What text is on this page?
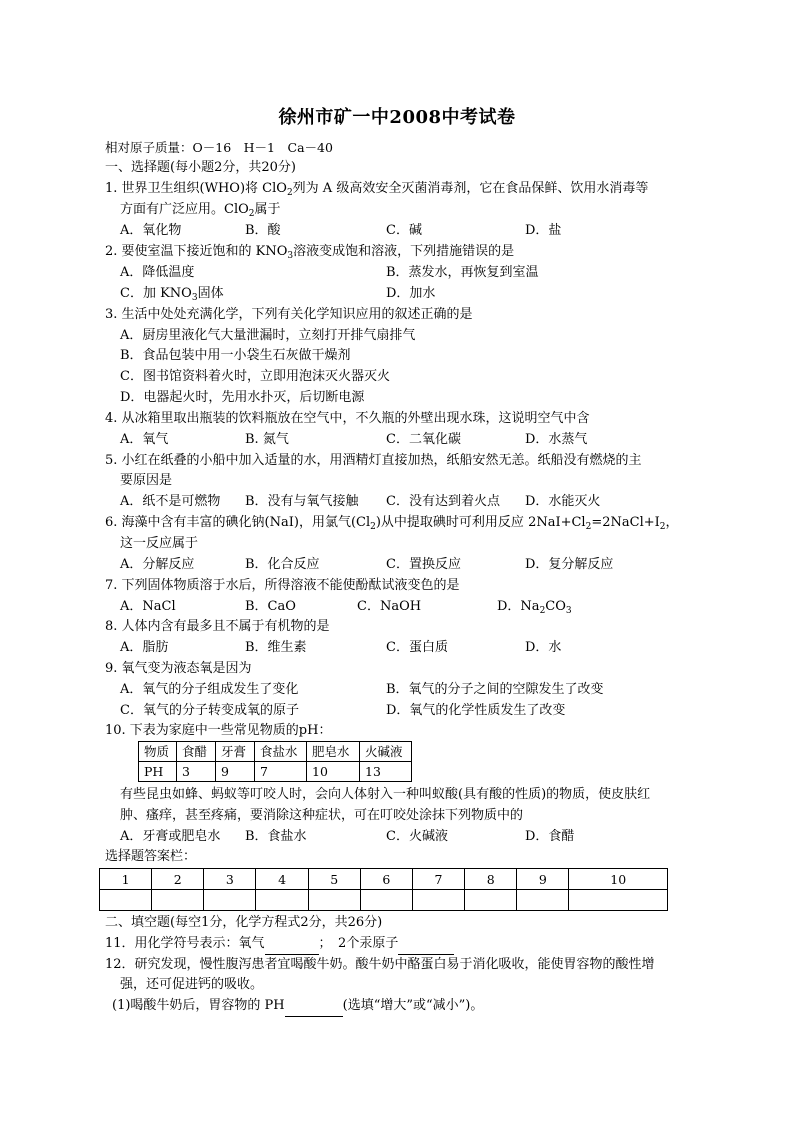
徐州市矿一中2008中考试卷
相对原子质量：O－16　H－1　Ca－40
一、选择题(每小题2分，共20分)
1. 世界卫生组织(WHO)将 ClO$_2$列为 A 级高效安全灭菌消毒剂，它在食品保鲜、饮用水消毒等
方面有广泛应用。ClO$_2$属于
A．氧化物	B．酸	C．碱	D．盐
2. 要使室温下接近饱和的 $KNO_3$溶液变成饱和溶液，下列措施错误的是
A．降低温度	B．蒸发水，再恢复到室温
C．加 $KNO_3$固体	D．加水
3. 生活中处处充满化学，下列有关化学知识应用的叙述正确的是
A．厨房里液化气大量泄漏时，立刻打开排气扇排气
B．食品包装中用一小袋生石灰做干燥剂
C．图书馆资料着火时，立即用泡沫灭火器灭火
D．电器起火时，先用水扑灭，后切断电源
4. 从冰箱里取出瓶装的饮料瓶放在空气中，不久瓶的外壁出现水珠，这说明空气中含
A．氧气	B. 氮气	C．二氧化碳	D．水蒸气
5. 小红在纸叠的小船中加入适量的水，用酒精灯直接加热，纸船安然无恙。纸船没有燃烧的主
要原因是
A．纸不是可燃物 B．没有与氧气接触 C．没有达到着火点 D．水能灭火
6. 海藻中含有丰富的碘化钠(NaI)，用氯气$(Cl_2)$从中提取碘时可利用反应 $2NaI+Cl_2=2NaCl+I_2$，
这一反应属于
A．分解反应	B．化合反应	C．置换反应	D．复分解反应
7. 下列固体物质溶于水后，所得溶液不能使酚酞试液变色的是
A．NaCl	B．CaO	C．NaOH	D．$Na_2CO_3$
8. 人体内含有最多且不属于有机物的是
A．脂肪	B．维生素	C．蛋白质	D．水
9. 氧气变为液态氧是因为
A．氧气的分子组成发生了变化	B．氧气的分子之间的空隙发生了改变
C．氧气的分子转变成氧的原子	D．氧气的化学性质发生了改变
10. 下表为家庭中一些常见物质的pH：
物质	食醋	牙膏	食盐水	肥皂水	火碱液
PH	3	9	7	10	13
有些昆虫如蜂、蚂蚁等叮咬人时，会向人体射入一种叫蚁酸(具有酸的性质)的物质，使皮肤红
肿、瘙痒，甚至疼痛，要消除这种症状，可在叮咬处涂抹下列物质中的
A．牙膏或肥皂水 B．食盐水	C．火碱液	D．食醋
选择题答案栏：
1	2	3	4	5	6	7	8	9	10

二、填空题(每空1分，化学方程式2分，共26分)
11．用化学符号表示：氧气	；　2个汞原子
12．研究发现，慢性腹泻患者宜喝酸牛奶。酸牛奶中酪蛋白易于消化吸收，能使胃容物的酸性增
强，还可促进钙的吸收。
(1)喝酸牛奶后，胃容物的 PH	(选填“增大”或“减小”)。
